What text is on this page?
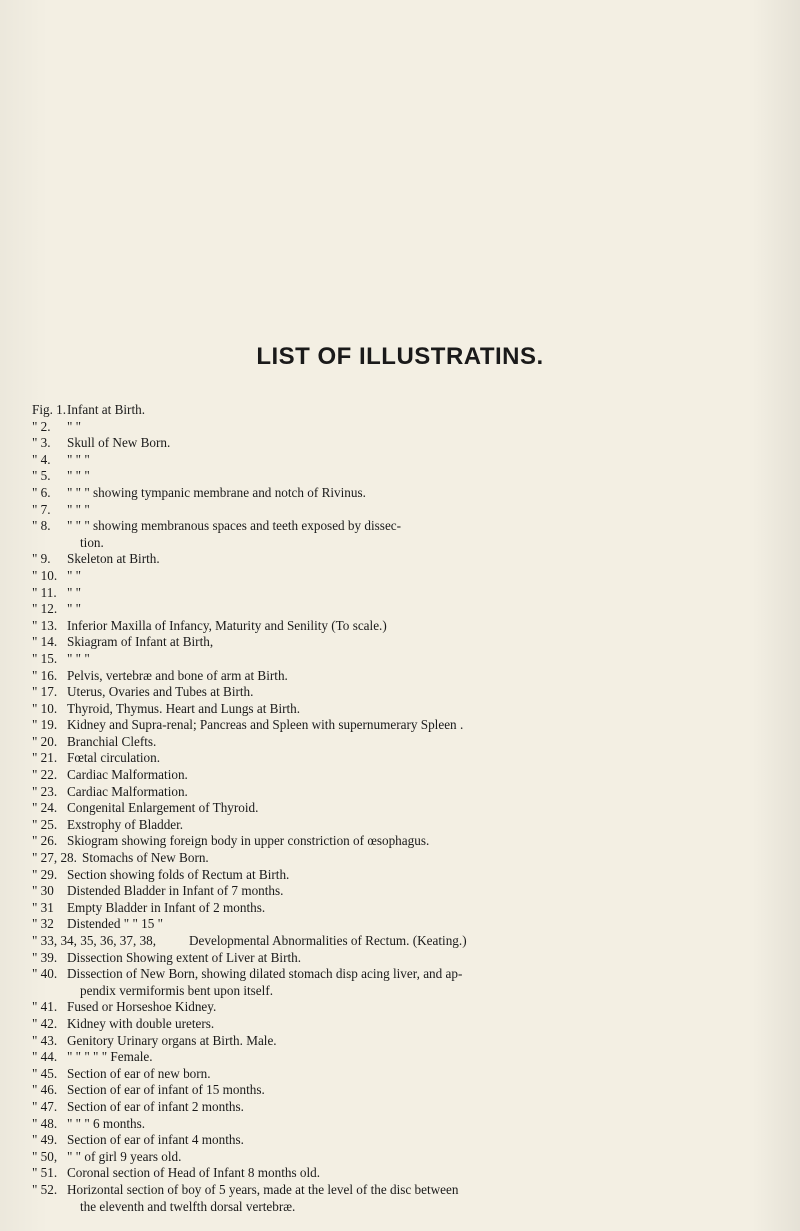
LIST OF ILLUSTRATINS.
Fig. 1. Infant at Birth.
" 2.	" "
" 3.	Skull of New Born.
" 4.	" " "
" 5.	" " "
" 6.	" " " showing tympanic membrane and notch of Rivinus.
" 7.	" " "
" 8.	" " " showing membranous spaces and teeth exposed by dissec-
tion.
" 9.	Skeleton at Birth.
" 10. " "
" 11. " "
" 12. " "
" 13. Inferior Maxilla of Infancy, Maturity and Senility (To scale.)
" 14. Skiagram of Infant at Birth,
" 15. " " "
" 16. Pelvis, vertebræ and bone of arm at Birth.
" 17. Uterus, Ovaries and Tubes at Birth.
" 10. Thyroid, Thymus. Heart and Lungs at Birth.
" 19. Kidney and Supra-renal; Pancreas and Spleen with supernumerary Spleen .
" 20. Branchial Clefts.
" 21. Fœtal circulation.
" 22. Cardiac Malformation.
" 23. Cardiac Malformation.
" 24. Congenital Enlargement of Thyroid.
" 25. Exstrophy of Bladder.
" 26. Skiogram showing foreign body in upper constriction of œsophagus.
" 27, 28. Stomachs of New Born.
" 29. Section showing folds of Rectum at Birth.
" 30 Distended Bladder in Infant of 7 months.
" 31 Empty Bladder in Infant of 2 months.
" 32 Distended " " 15 "
" 33, 34, 35, 36, 37, 38,	Developmental Abnormalities of Rectum. (Keating.)
" 39. Dissection Showing extent of Liver at Birth.
" 40. Dissection of New Born, showing dilated stomach disp acing liver, and ap-
pendix vermiformis bent upon itself.
" 41. Fused or Horseshoe Kidney.
" 42. Kidney with double ureters.
" 43. Genitory Urinary organs at Birth. Male.
" 44. " " " " " Female.
" 45. Section of ear of new born.
" 46. Section of ear of infant of 15 months.
" 47. Section of ear of infant 2 months.
" 48. " " " 6 months.
" 49. Section of ear of infant 4 months.
" 50, " " of girl 9 years old.
" 51. Coronal section of Head of Infant 8 months old.
" 52. Horizontal section of boy of 5 years, made at the level of the disc between
the eleventh and twelfth dorsal vertebræ.
